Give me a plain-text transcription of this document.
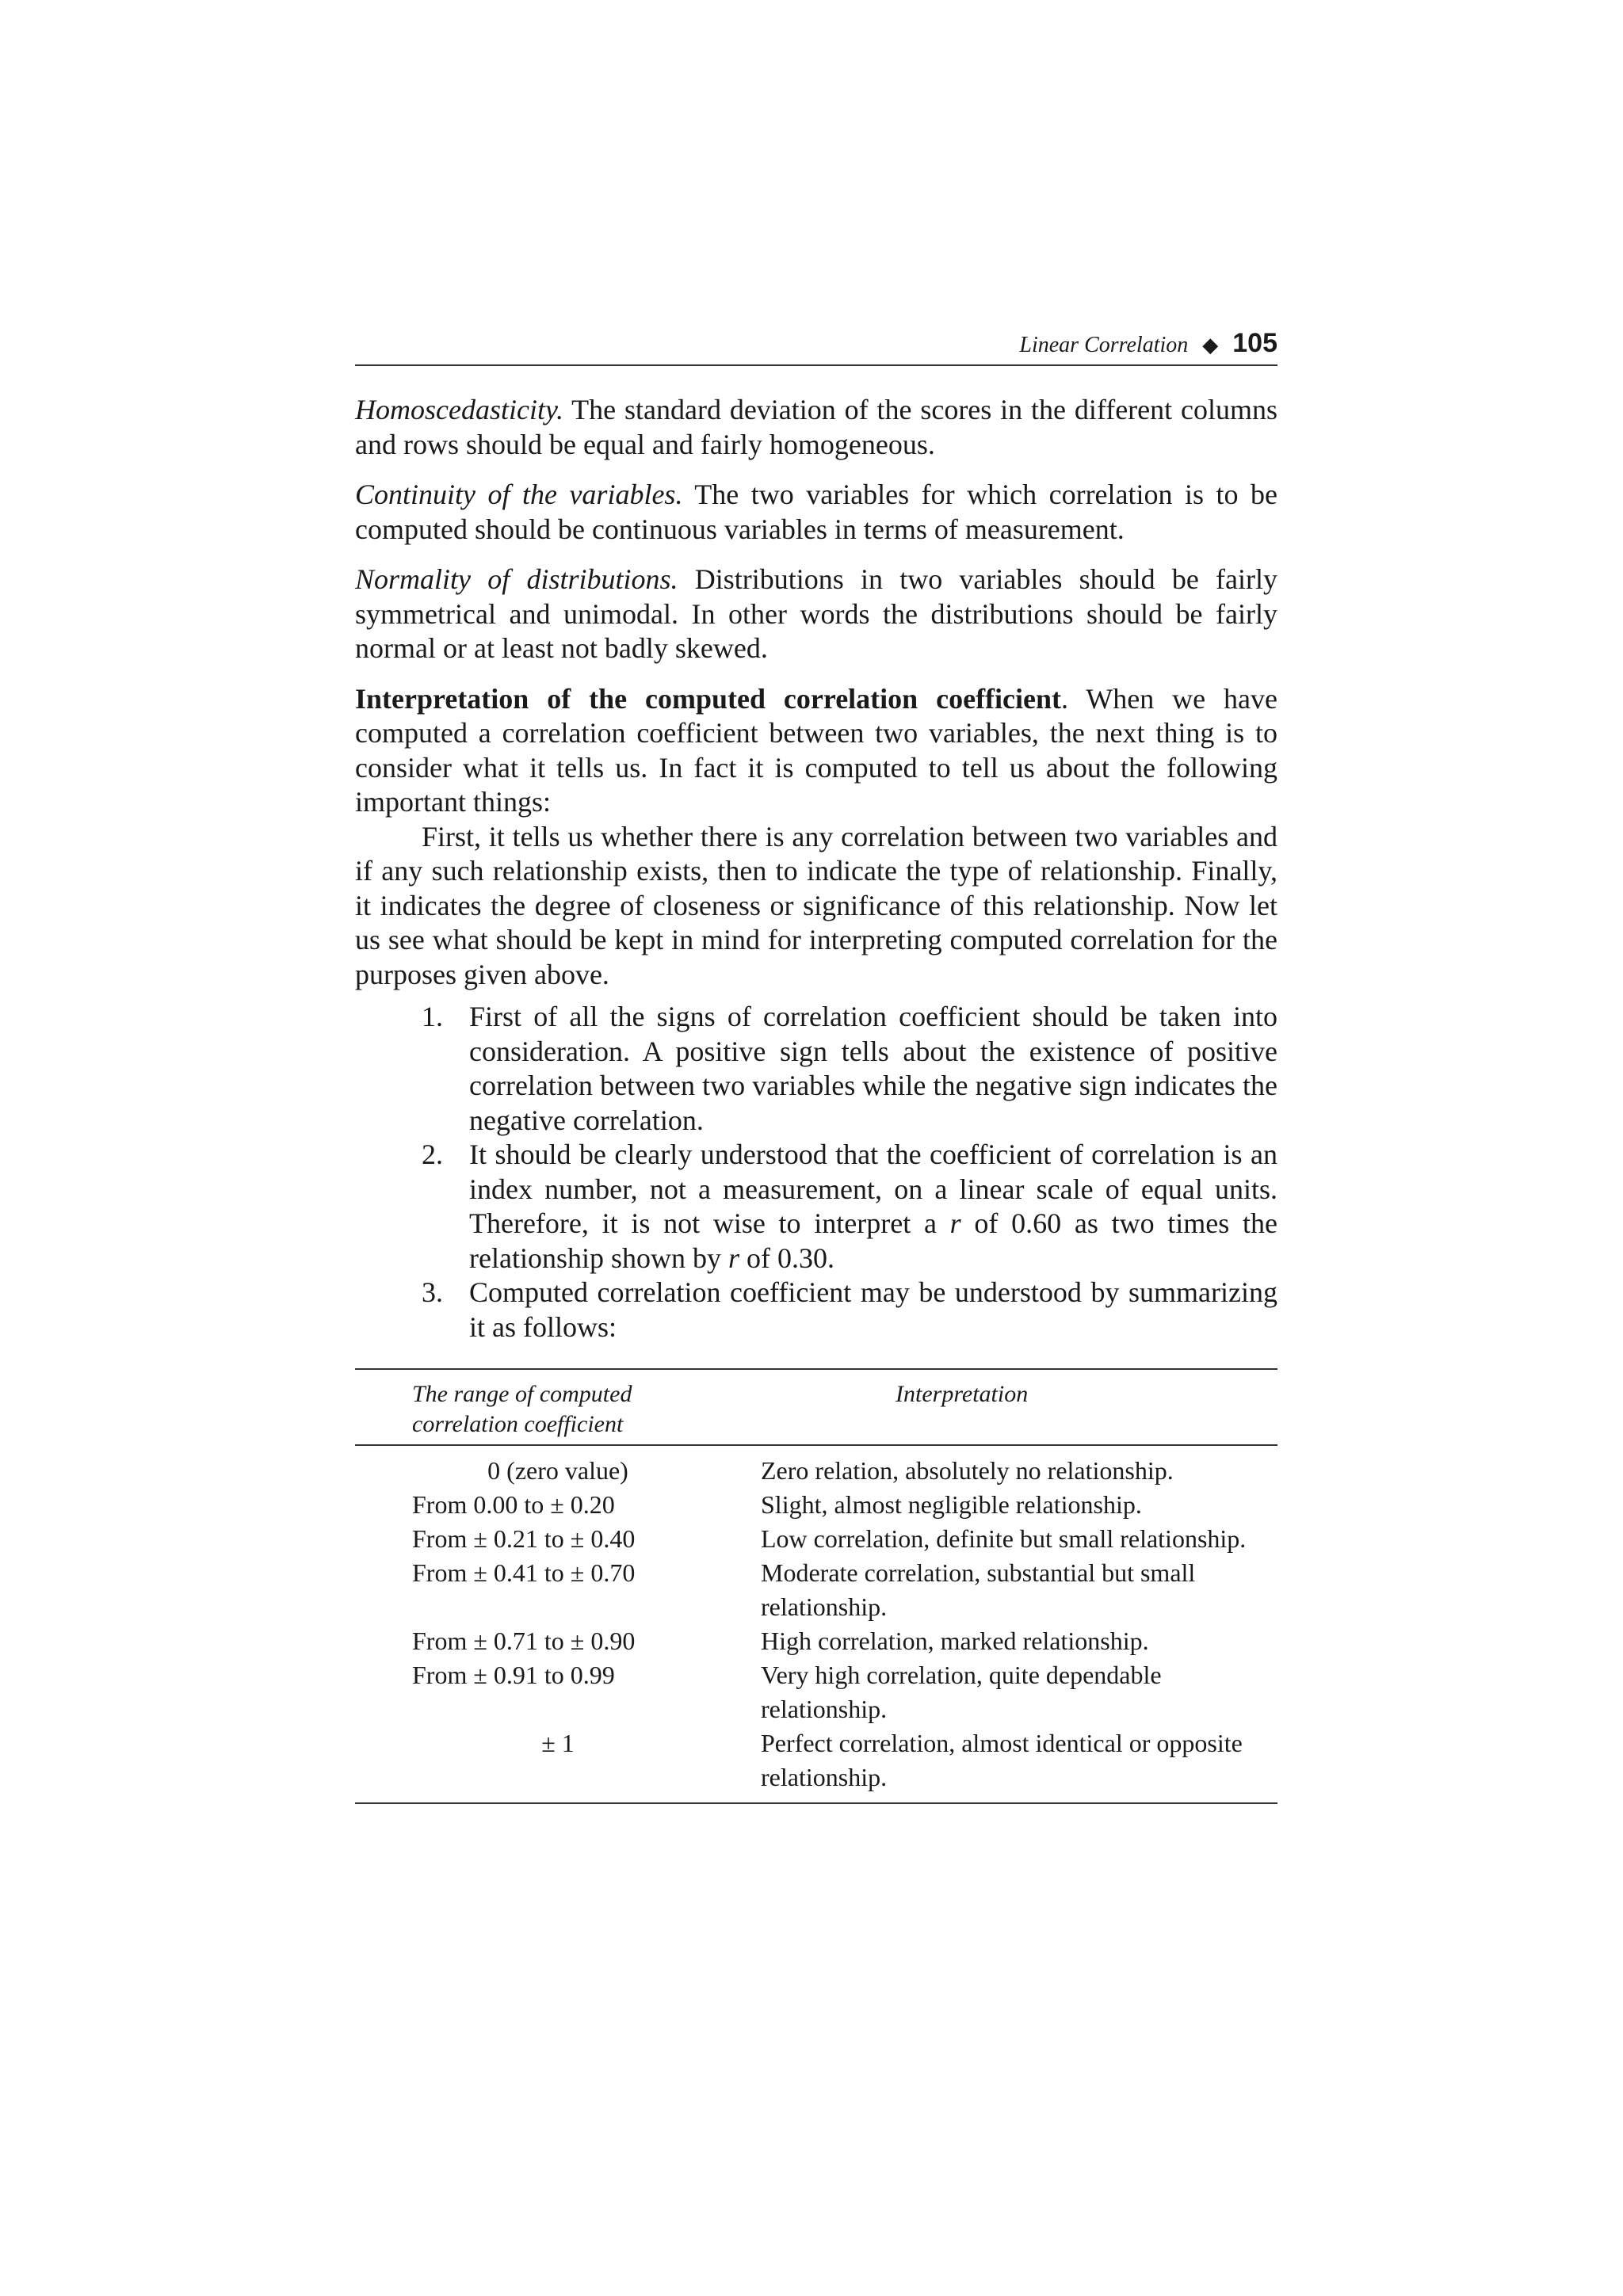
Linear Correlation ◆ 105

Homoscedasticity. The standard deviation of the scores in the different columns and rows should be equal and fairly homogeneous.

Continuity of the variables. The two variables for which correlation is to be computed should be continuous variables in terms of measurement.

Normality of distributions. Distributions in two variables should be fairly symmetrical and unimodal. In other words the distributions should be fairly normal or at least not badly skewed.

Interpretation of the computed correlation coefficient. When we have computed a correlation coefficient between two variables, the next thing is to consider what it tells us. In fact it is computed to tell us about the following important things:

First, it tells us whether there is any correlation between two variables and if any such relationship exists, then to indicate the type of relationship. Finally, it indicates the degree of closeness or significance of this relationship. Now let us see what should be kept in mind for interpreting computed correlation for the purposes given above.

1. First of all the signs of correlation coefficient should be taken into consideration. A positive sign tells about the existence of positive correlation between two variables while the negative sign indicates the negative correlation.
2. It should be clearly understood that the coefficient of correlation is an index number, not a measurement, on a linear scale of equal units. Therefore, it is not wise to interpret a r of 0.60 as two times the relationship shown by r of 0.30.
3. Computed correlation coefficient may be understood by summarizing it as follows:
The range of computed
correlation coefficient	Interpretation
0 (zero value)	Zero relation, absolutely no relationship.
From 0.00 to ± 0.20	Slight, almost negligible relationship.
From ± 0.21 to ± 0.40	Low correlation, definite but small relationship.
From ± 0.41 to ± 0.70	Moderate correlation, substantial but small relationship.
From ± 0.71 to ± 0.90	High correlation, marked relationship.
From ± 0.91 to 0.99	Very high correlation, quite dependable relationship.
± 1	Perfect correlation, almost identical or opposite relationship.
